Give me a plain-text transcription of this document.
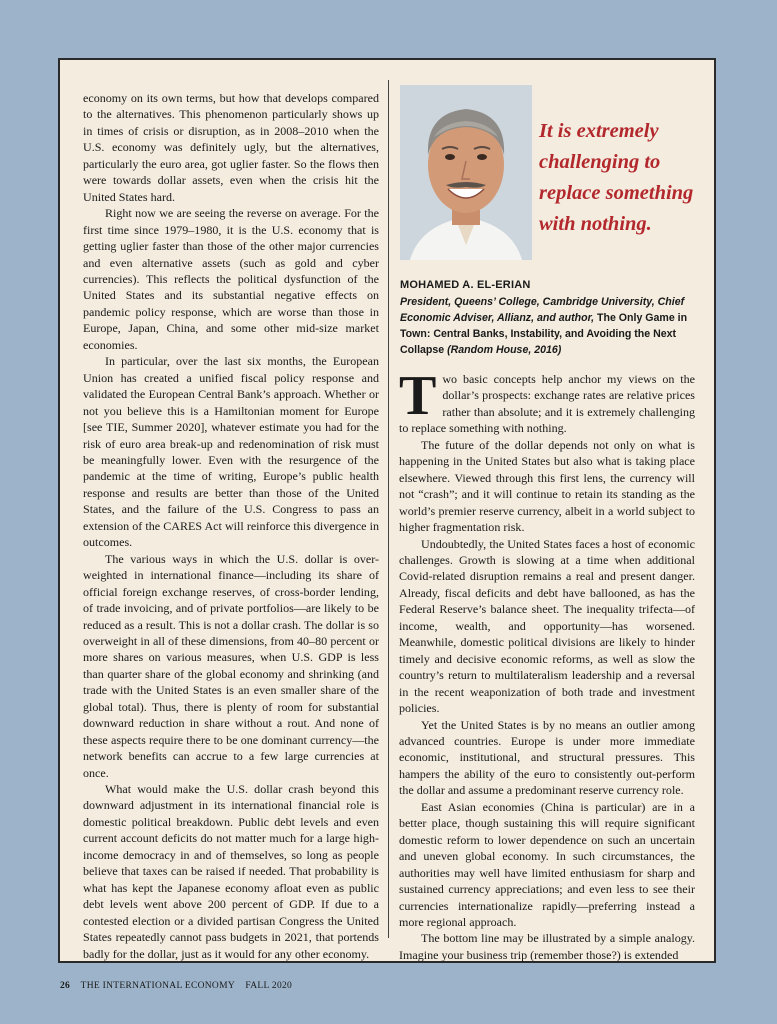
economy on its own terms, but how that develops compared to the alternatives. This phenomenon particularly shows up in times of crisis or disruption, as in 2008–2010 when the U.S. economy was definitely ugly, but the alternatives, particularly the euro area, got uglier faster. So the flows then were towards dollar assets, even when the crisis hit the United States hard.

Right now we are seeing the reverse on average. For the first time since 1979–1980, it is the U.S. economy that is getting uglier faster than those of the other major currencies and even alternative assets (such as gold and cyber currencies). This reflects the political dysfunction of the United States and its substantial negative effects on pandemic policy response, which are worse than those in Europe, Japan, China, and some other mid-size market economies.

In particular, over the last six months, the European Union has created a unified fiscal policy response and validated the European Central Bank’s approach. Whether or not you believe this is a Hamiltonian moment for Europe [see TIE, Summer 2020], whatever estimate you had for the risk of euro area break-up and redenomination of risk must be meaningfully lower. Even with the resurgence of the pandemic at the time of writing, Europe’s public health response and results are better than those of the United States, and the failure of the U.S. Congress to pass an extension of the CARES Act will reinforce this divergence in outcomes.

The various ways in which the U.S. dollar is over-weighted in international finance—including its share of official foreign exchange reserves, of cross-border lending, of trade invoicing, and of private portfolios—are likely to be reduced as a result. This is not a dollar crash. The dollar is so overweight in all of these dimensions, from 40–80 percent or more shares on various measures, when U.S. GDP is less than quarter share of the global economy and shrinking (and trade with the United States is an even smaller share of the global total). Thus, there is plenty of room for substantial downward reduction in share without a rout. And none of these aspects require there to be one dominant currency—the network benefits can accrue to a few large currencies at once.

What would make the U.S. dollar crash beyond this downward adjustment in its international financial role is domestic political breakdown. Public debt levels and even current account deficits do not matter much for a large high-income democracy in and of themselves, so long as people believe that taxes can be raised if needed. That probability is what has kept the Japanese economy afloat even as public debt levels went above 200 percent of GDP. If due to a contested election or a divided partisan Congress the United States repeatedly cannot pass budgets in 2021, that portends badly for the dollar, just as it would for any other economy.

It is extremely challenging to replace something with nothing.
MOHAMED A. EL-ERIAN
President, Queens’ College, Cambridge University, Chief Economic Adviser, Allianz, and author, The Only Game in Town: Central Banks, Instability, and Avoiding the Next Collapse (Random House, 2016)

Two basic concepts help anchor my views on the dollar’s prospects: exchange rates are relative prices rather than absolute; and it is extremely challenging to replace something with nothing.

The future of the dollar depends not only on what is happening in the United States but also what is taking place elsewhere. Viewed through this first lens, the currency will not “crash”; and it will continue to retain its standing as the world’s premier reserve currency, albeit in a world subject to higher fragmentation risk.

Undoubtedly, the United States faces a host of economic challenges. Growth is slowing at a time when additional Covid-related disruption remains a real and present danger. Already, fiscal deficits and debt have ballooned, as has the Federal Reserve’s balance sheet. The inequality trifecta—of income, wealth, and opportunity—has worsened. Meanwhile, domestic political divisions are likely to hinder timely and decisive economic reforms, as well as slow the country’s return to multilateralism leadership and a reversal in the recent weaponization of both trade and investment policies.

Yet the United States is by no means an outlier among advanced countries. Europe is under more immediate economic, institutional, and structural pressures. This hampers the ability of the euro to consistently out-perform the dollar and assume a predominant reserve currency role.

East Asian economies (China is particular) are in a better place, though sustaining this will require significant domestic reform to lower dependence on such an uncertain and uneven global economy. In such circumstances, the authorities may well have limited enthusiasm for sharp and sustained currency appreciations; and even less to see their currencies internationalize rapidly—preferring instead a more regional approach.

The bottom line may be illustrated by a simple analogy. Imagine your business trip (remember those?) is extended

26 THE INTERNATIONAL ECONOMY FALL 2020
